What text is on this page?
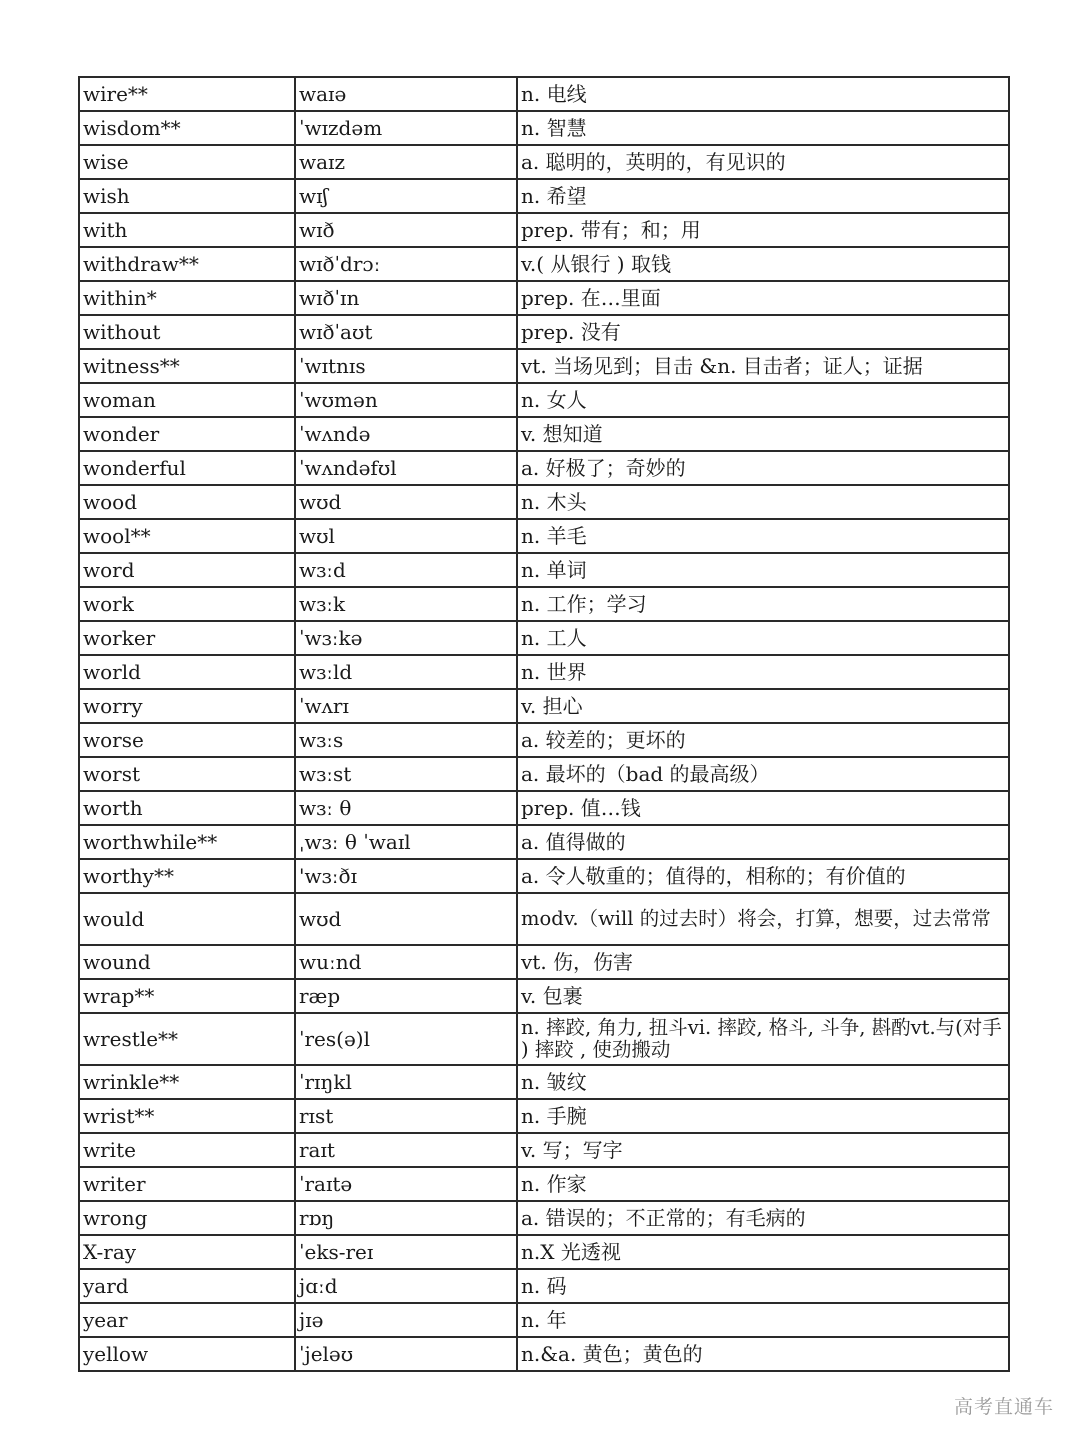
wire**	waɪə	n. 电线
wisdom**	ˈwɪzdəm	n. 智慧
wise	waɪz	a. 聪明的，英明的，有见识的
wish	wɪʃ	n. 希望
with	wɪð	prep. 带有；和；用
withdraw**	wɪðˈdrɔː	v.( 从银行 ) 取钱
within*	wɪðˈɪn	prep. 在…里面
without	wɪðˈaʊt	prep. 没有
witness**	ˈwɪtnɪs	vt. 当场见到；目击 &n. 目击者；证人；证据
woman	ˈwʊmən	n. 女人
wonder	ˈwʌndə	v. 想知道
wonderful	ˈwʌndəfʊl	a. 好极了；奇妙的
wood	wʊd	n. 木头
wool**	wʊl	n. 羊毛
word	wɜːd	n. 单词
work	wɜːk	n. 工作；学习
worker	ˈwɜːkə	n. 工人
world	wɜːld	n. 世界
worry	ˈwʌrɪ	v. 担心
worse	wɜːs	a. 较差的；更坏的
worst	wɜːst	a. 最坏的（bad 的最高级）
worth	wɜː θ	prep. 值…钱
worthwhile**	ˌwɜː θ ˈwaɪl	a. 值得做的
worthy**	'wɜːðɪ	a. 令人敬重的；值得的，相称的；有价值的
would	wʊd	modv.（will 的过去时）将会，打算，想要，过去常常
wound	wuːnd	vt. 伤，伤害
wrap**	ræp	v. 包裹
wrestle**	ˈres(ə)l	n. 摔跤, 角力, 扭斗vi. 摔跤, 格斗, 斗争, 斟酌vt.与(对手 ) 摔跤 , 使劲搬动
wrinkle**	ˈrɪŋkl	n. 皱纹
wrist**	rɪst	n. 手腕
write	raɪt	v. 写；写字
writer	ˈraɪtə	n. 作家
wrong	rɒŋ	a. 错误的；不正常的；有毛病的
X-ray	ˈeks-reɪ	n.X 光透视
yard	jɑːd	n. 码
year	jɪə	n. 年
yellow	ˈjeləʊ	n.&a. 黄色；黄色的
高考直通车
